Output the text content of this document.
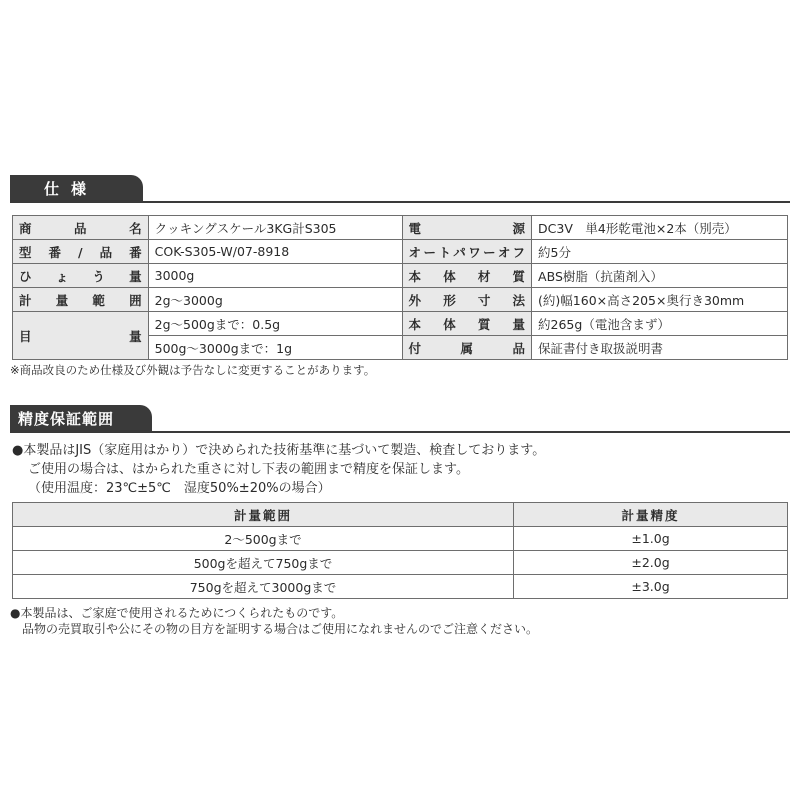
仕様
商品名	クッキングスケール3KG計S305	電源	DC3V　単4形乾電池×2本（別売）
型番/品番	COK-S305-W/07-8918	オートパワーオフ	約5分
ひょう量	3000g	本体材質	ABS樹脂（抗菌剤入）
計量範囲	2g～3000g	外形寸法	(約)幅160×高さ205×奥行き30mm
目量	2g～500gまで：0.5g	本体質量	約265g（電池含まず）
	500g～3000gまで：1g	付属品	保証書付き取扱説明書
※商品改良のため仕様及び外観は予告なしに変更することがあります。
精度保証範囲
●本製品はJIS（家庭用はかり）で決められた技術基準に基づいて製造、検査しております。
ご使用の場合は、はかられた重さに対し下表の範囲まで精度を保証します。
（使用温度：23℃±5℃　湿度50%±20%の場合）
計量範囲	計量精度
2～500gまで	±1.0g
500gを超えて750gまで	±2.0g
750gを超えて3000gまで	±3.0g
●本製品は、ご家庭で使用されるためにつくられたものです。
品物の売買取引や公にその物の目方を証明する場合はご使用になれませんのでご注意ください。
